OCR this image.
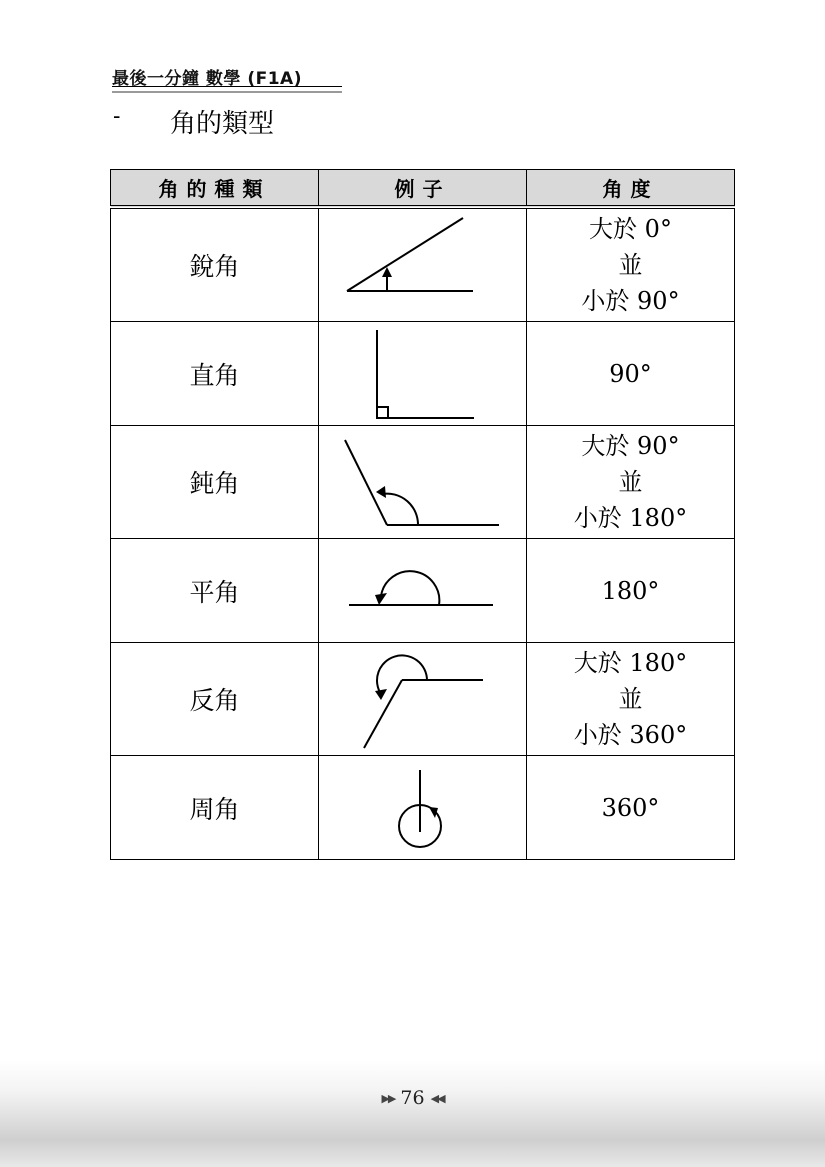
最後一分鐘 數學 (F1A)
- 角的類型
角的種類	例子	角度
銳角		大於 0°
並
小於 90°

直角		90°

鈍角		大於 90°
並
小於 180°

平角		180°

反角		大於 180°
並
小於 360°

周角		360°
▶▶ 76 ◀◀
